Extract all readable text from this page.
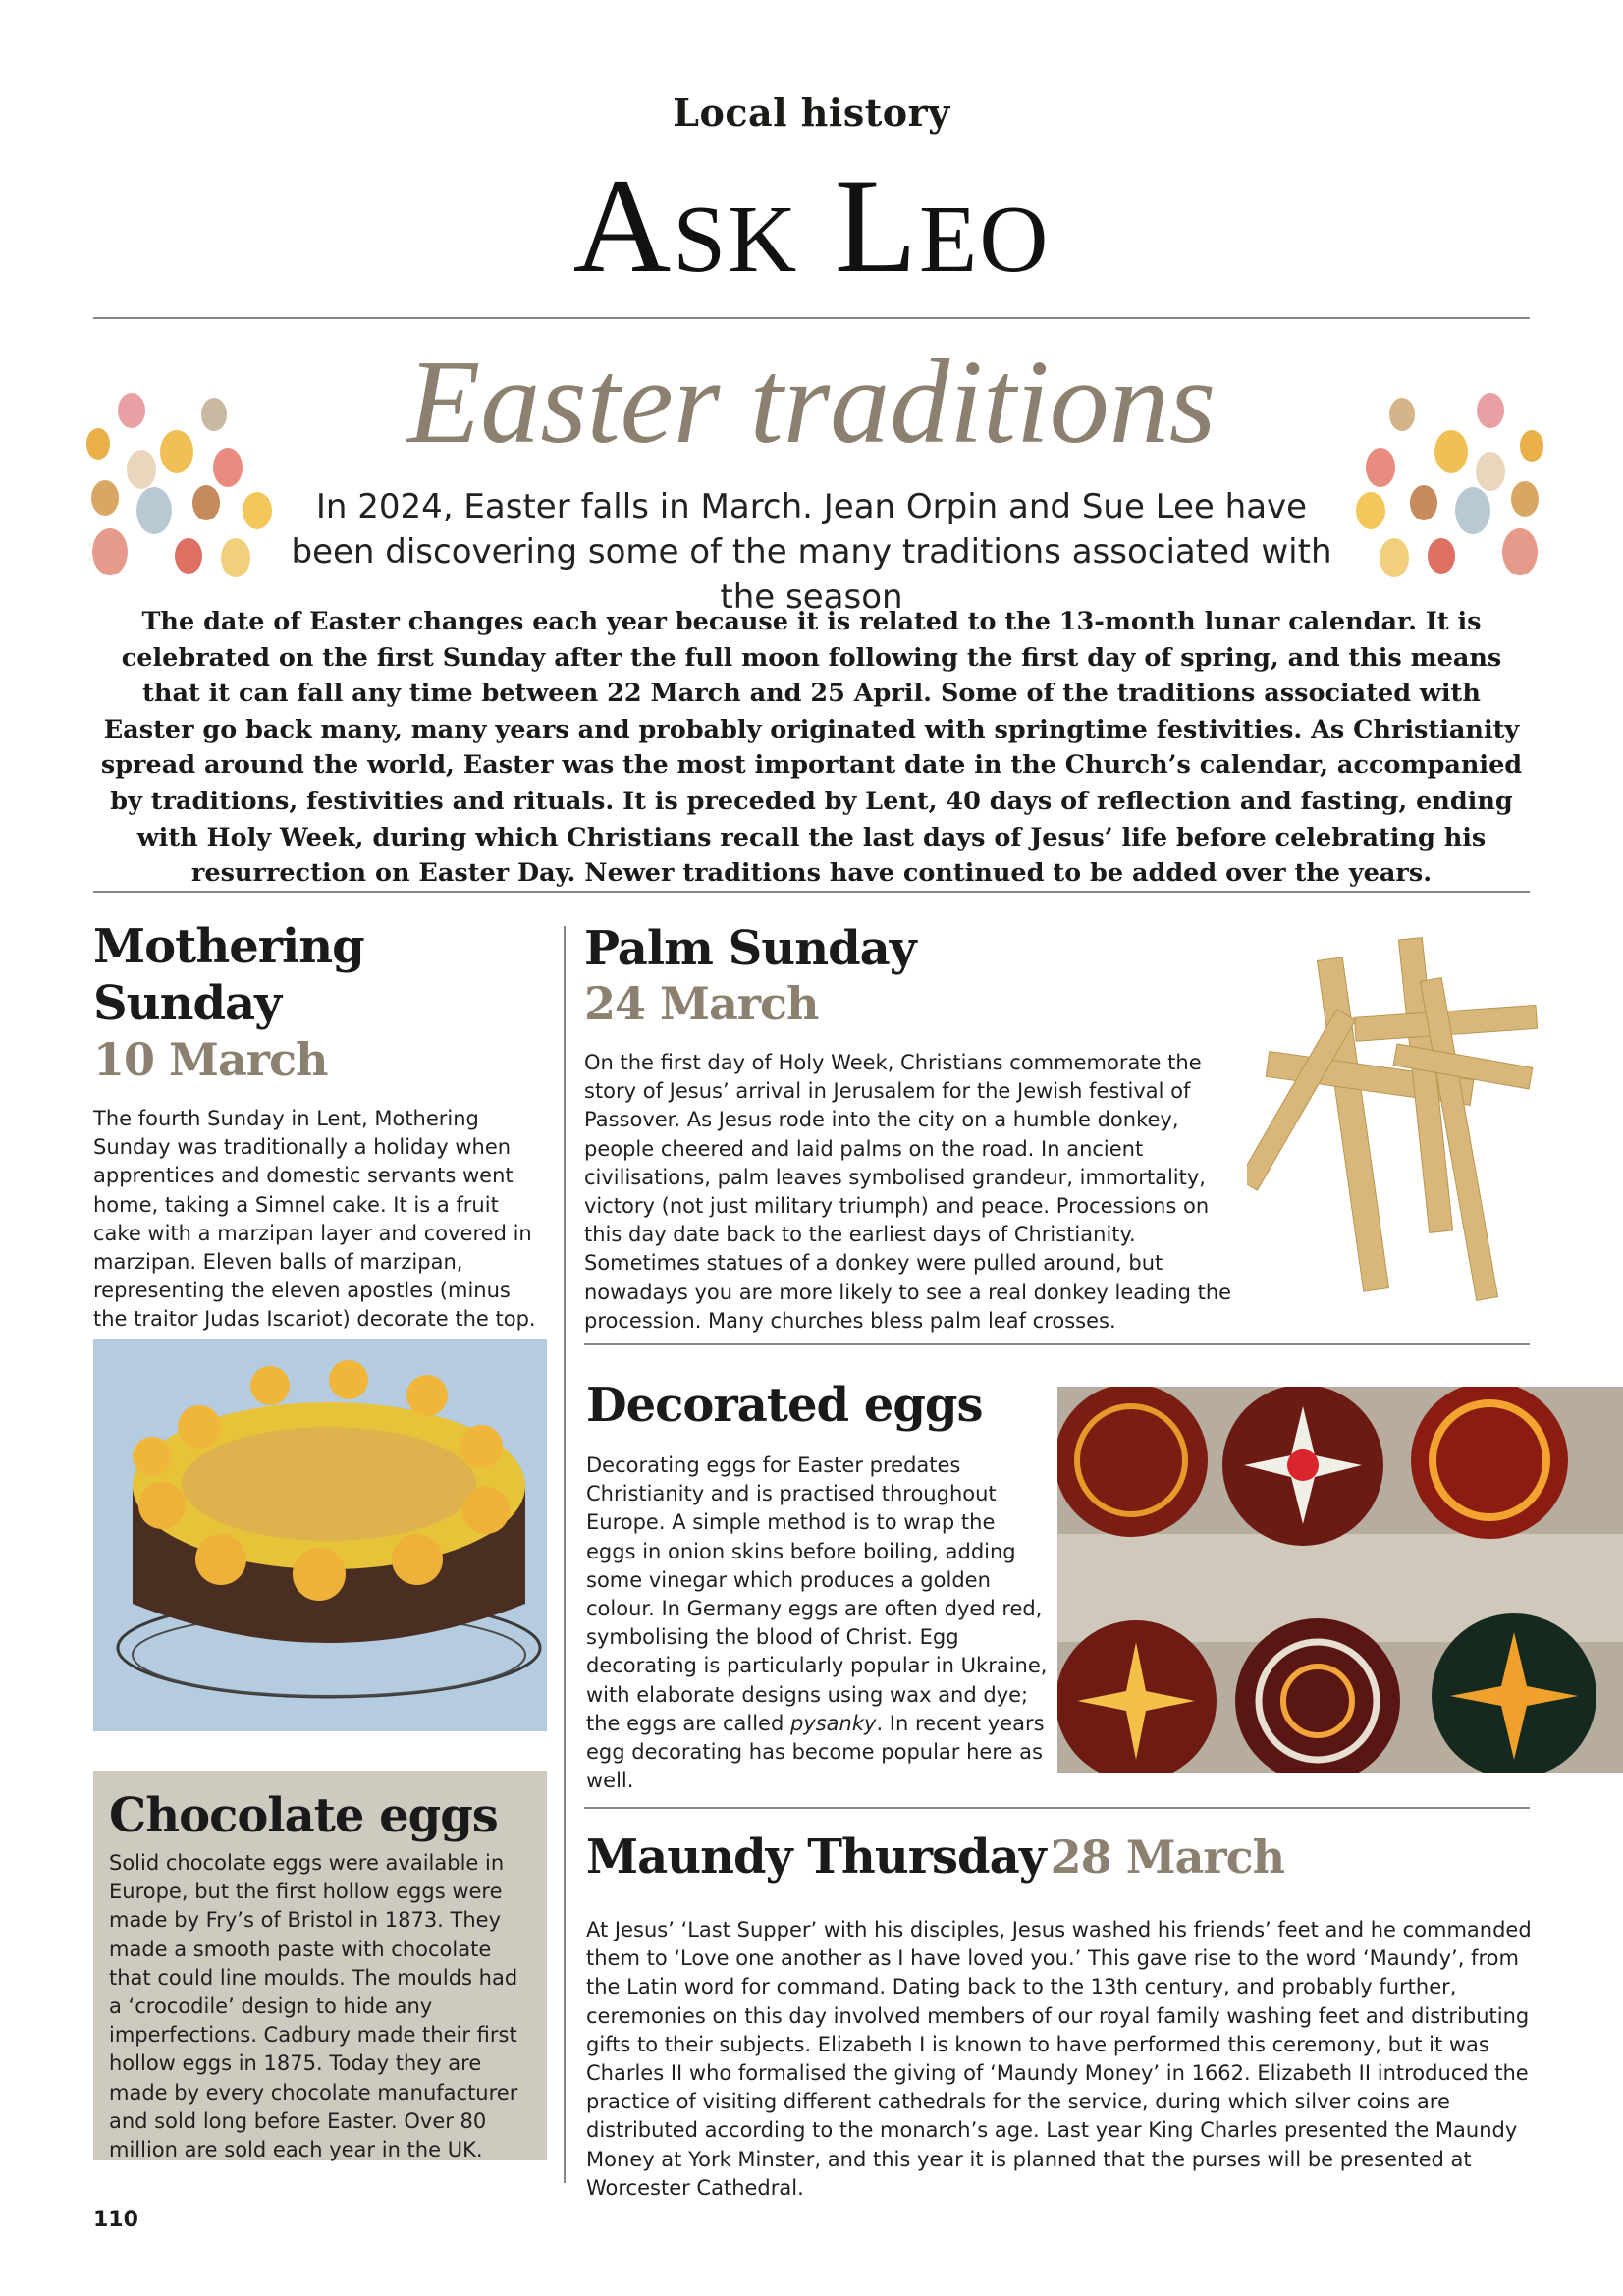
Local history
Ask Leo
Easter traditions
In 2024, Easter falls in March. Jean Orpin and Sue Lee have been discovering some of the many traditions associated with the season
The date of Easter changes each year because it is related to the 13-month lunar calendar. It is celebrated on the first Sunday after the full moon following the first day of spring, and this means that it can fall any time between 22 March and 25 April. Some of the traditions associated with Easter go back many, many years and probably originated with springtime festivities. As Christianity spread around the world, Easter was the most important date in the Church’s calendar, accompanied by traditions, festivities and rituals. It is preceded by Lent, 40 days of reflection and fasting, ending with Holy Week, during which Christians recall the last days of Jesus’ life before celebrating his resurrection on Easter Day. Newer traditions have continued to be added over the years.
Mothering Sunday
10 March
The fourth Sunday in Lent, Mothering Sunday was traditionally a holiday when apprentices and domestic servants went home, taking a Simnel cake. It is a fruit cake with a marzipan layer and covered in marzipan. Eleven balls of marzipan, representing the eleven apostles (minus the traitor Judas Iscariot) decorate the top.
Chocolate eggs
Solid chocolate eggs were available in Europe, but the first hollow eggs were made by Fry’s of Bristol in 1873. They made a smooth paste with chocolate that could line moulds. The moulds had a ‘crocodile’ design to hide any imperfections. Cadbury made their first hollow eggs in 1875. Today they are made by every chocolate manufacturer and sold long before Easter. Over 80 million are sold each year in the UK.
Palm Sunday
24 March
On the first day of Holy Week, Christians commemorate the story of Jesus’ arrival in Jerusalem for the Jewish festival of Passover. As Jesus rode into the city on a humble donkey, people cheered and laid palms on the road. In ancient civilisations, palm leaves symbolised grandeur, immortality, victory (not just military triumph) and peace. Processions on this day date back to the earliest days of Christianity. Sometimes statues of a donkey were pulled around, but nowadays you are more likely to see a real donkey leading the procession. Many churches bless palm leaf crosses.
Decorated eggs
Decorating eggs for Easter predates Christianity and is practised throughout Europe. A simple method is to wrap the eggs in onion skins before boiling, adding some vinegar which produces a golden colour. In Germany eggs are often dyed red, symbolising the blood of Christ. Egg decorating is particularly popular in Ukraine, with elaborate designs using wax and dye; the eggs are called pysanky. In recent years egg decorating has become popular here as well.
Maundy Thursday 28 March
At Jesus’ ‘Last Supper’ with his disciples, Jesus washed his friends’ feet and he commanded them to ‘Love one another as I have loved you.’ This gave rise to the word ‘Maundy’, from the Latin word for command. Dating back to the 13th century, and probably further, ceremonies on this day involved members of our royal family washing feet and distributing gifts to their subjects. Elizabeth I is known to have performed this ceremony, but it was Charles II who formalised the giving of ‘Maundy Money’ in 1662. Elizabeth II introduced the practice of visiting different cathedrals for the service, during which silver coins are distributed according to the monarch’s age. Last year King Charles presented the Maundy Money at York Minster, and this year it is planned that the purses will be presented at Worcester Cathedral.
110
